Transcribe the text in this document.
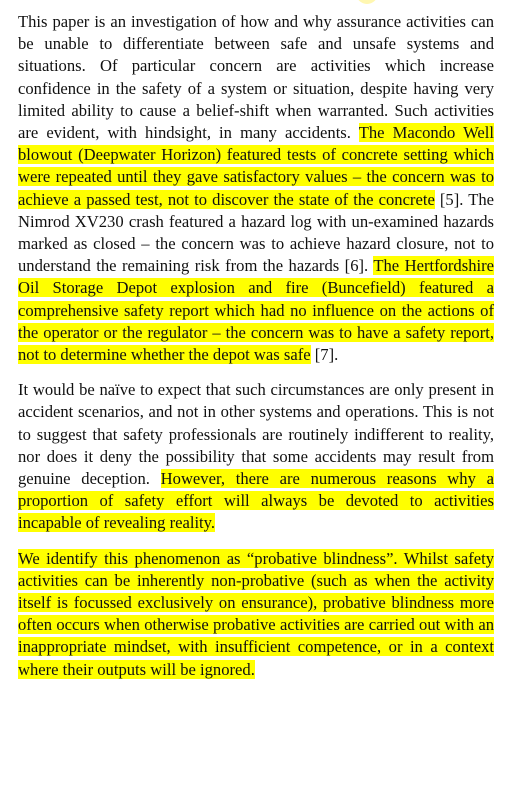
This paper is an investigation of how and why assurance activities can be unable to differentiate between safe and unsafe systems and situations. Of particular concern are activities which increase confidence in the safety of a system or situation, despite having very limited ability to cause a belief-shift when warranted. Such activities are evident, with hindsight, in many accidents. The Macondo Well blowout (Deepwater Horizon) featured tests of concrete setting which were repeated until they gave satisfactory values – the concern was to achieve a passed test, not to discover the state of the concrete [5]. The Nimrod XV230 crash featured a hazard log with un-examined hazards marked as closed – the concern was to achieve hazard closure, not to understand the remaining risk from the hazards [6]. The Hertfordshire Oil Storage Depot explosion and fire (Buncefield) featured a comprehensive safety report which had no influence on the actions of the operator or the regulator – the concern was to have a safety report, not to determine whether the depot was safe [7].

It would be naïve to expect that such circumstances are only present in accident scenarios, and not in other systems and operations. This is not to suggest that safety professionals are routinely indifferent to reality, nor does it deny the possibility that some accidents may result from genuine deception. However, there are numerous reasons why a proportion of safety effort will always be devoted to activities incapable of revealing reality.

We identify this phenomenon as “probative blindness”. Whilst safety activities can be inherently non-probative (such as when the activity itself is focussed exclusively on ensurance), probative blindness more often occurs when otherwise probative activities are carried out with an inappropriate mindset, with insufficient competence, or in a context where their outputs will be ignored.
